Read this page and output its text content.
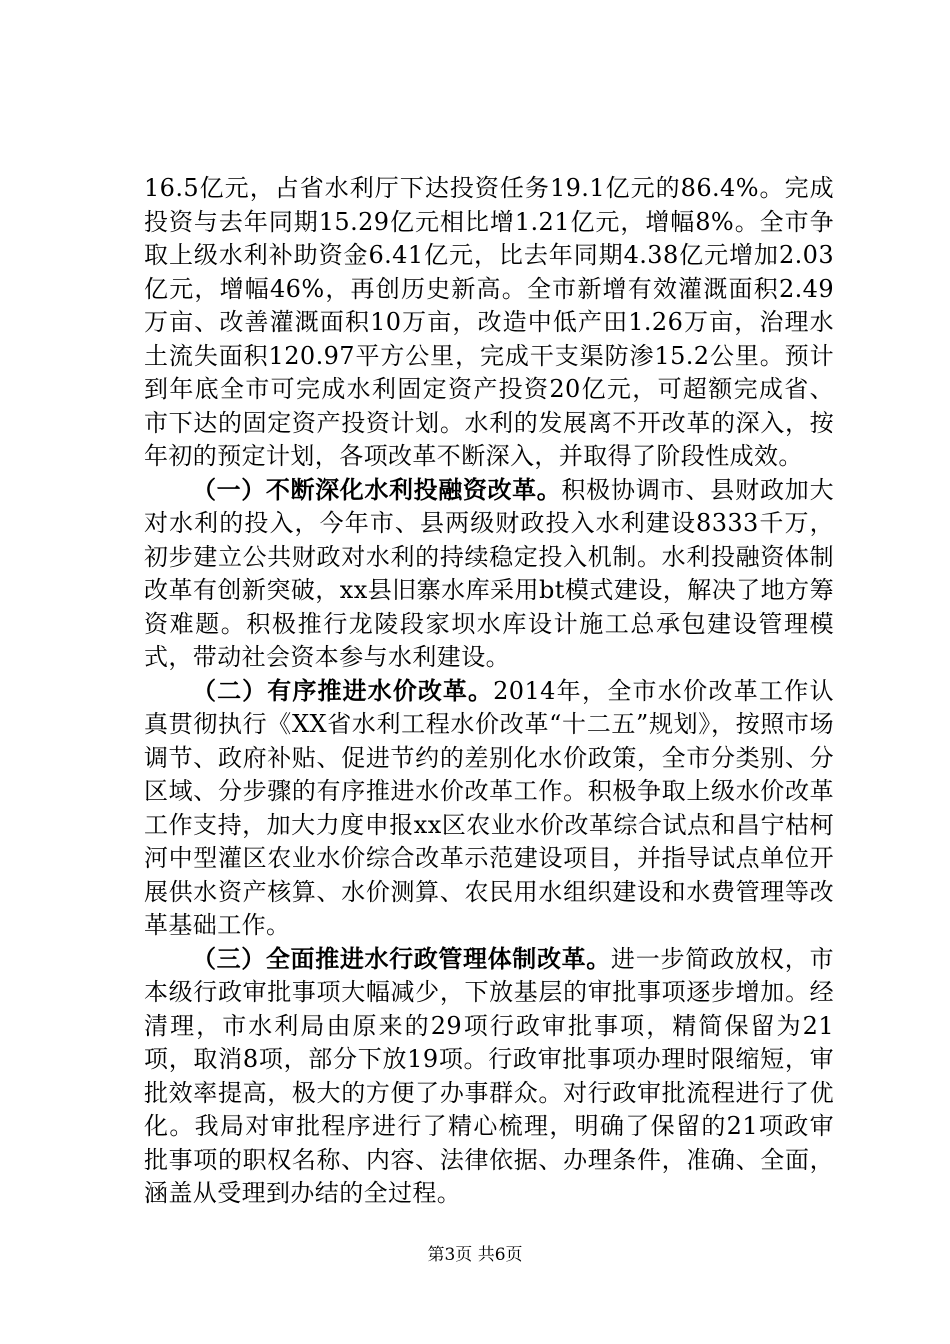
16.5亿元，占省水利厅下达投资任务19.1亿元的86.4%。完成投资与去年同期15.29亿元相比增1.21亿元，增幅8%。全市争取上级水利补助资金6.41亿元，比去年同期4.38亿元增加2.03亿元，增幅46%，再创历史新高。全市新增有效灌溉面积2.49万亩、改善灌溉面积10万亩，改造中低产田1.26万亩，治理水土流失面积120.97平方公里，完成干支渠防渗15.2公里。预计到年底全市可完成水利固定资产投资20亿元，可超额完成省、市下达的固定资产投资计划。水利的发展离不开改革的深入，按年初的预定计划，各项改革不断深入，并取得了阶段性成效。

（一）不断深化水利投融资改革。积极协调市、县财政加大对水利的投入，今年市、县两级财政投入水利建设8333千万，初步建立公共财政对水利的持续稳定投入机制。水利投融资体制改革有创新突破，xx县旧寨水库采用bt模式建设，解决了地方筹资难题。积极推行龙陵段家坝水库设计施工总承包建设管理模式，带动社会资本参与水利建设。

（二）有序推进水价改革。2014年，全市水价改革工作认真贯彻执行《XX省水利工程水价改革“十二五”规划》，按照市场调节、政府补贴、促进节约的差别化水价政策，全市分类别、分区域、分步骤的有序推进水价改革工作。积极争取上级水价改革工作支持，加大力度申报xx区农业水价改革综合试点和昌宁枯柯河中型灌区农业水价综合改革示范建设项目，并指导试点单位开展供水资产核算、水价测算、农民用水组织建设和水费管理等改革基础工作。

（三）全面推进水行政管理体制改革。进一步简政放权，市本级行政审批事项大幅减少，下放基层的审批事项逐步增加。经清理，市水利局由原来的29项行政审批事项，精简保留为21项，取消8项，部分下放19项。行政审批事项办理时限缩短，审批效率提高，极大的方便了办事群众。对行政审批流程进行了优化。我局对审批程序进行了精心梳理，明确了保留的21项政审批事项的职权名称、内容、法律依据、办理条件，准确、全面，涵盖从受理到办结的全过程。

第3页 共6页
